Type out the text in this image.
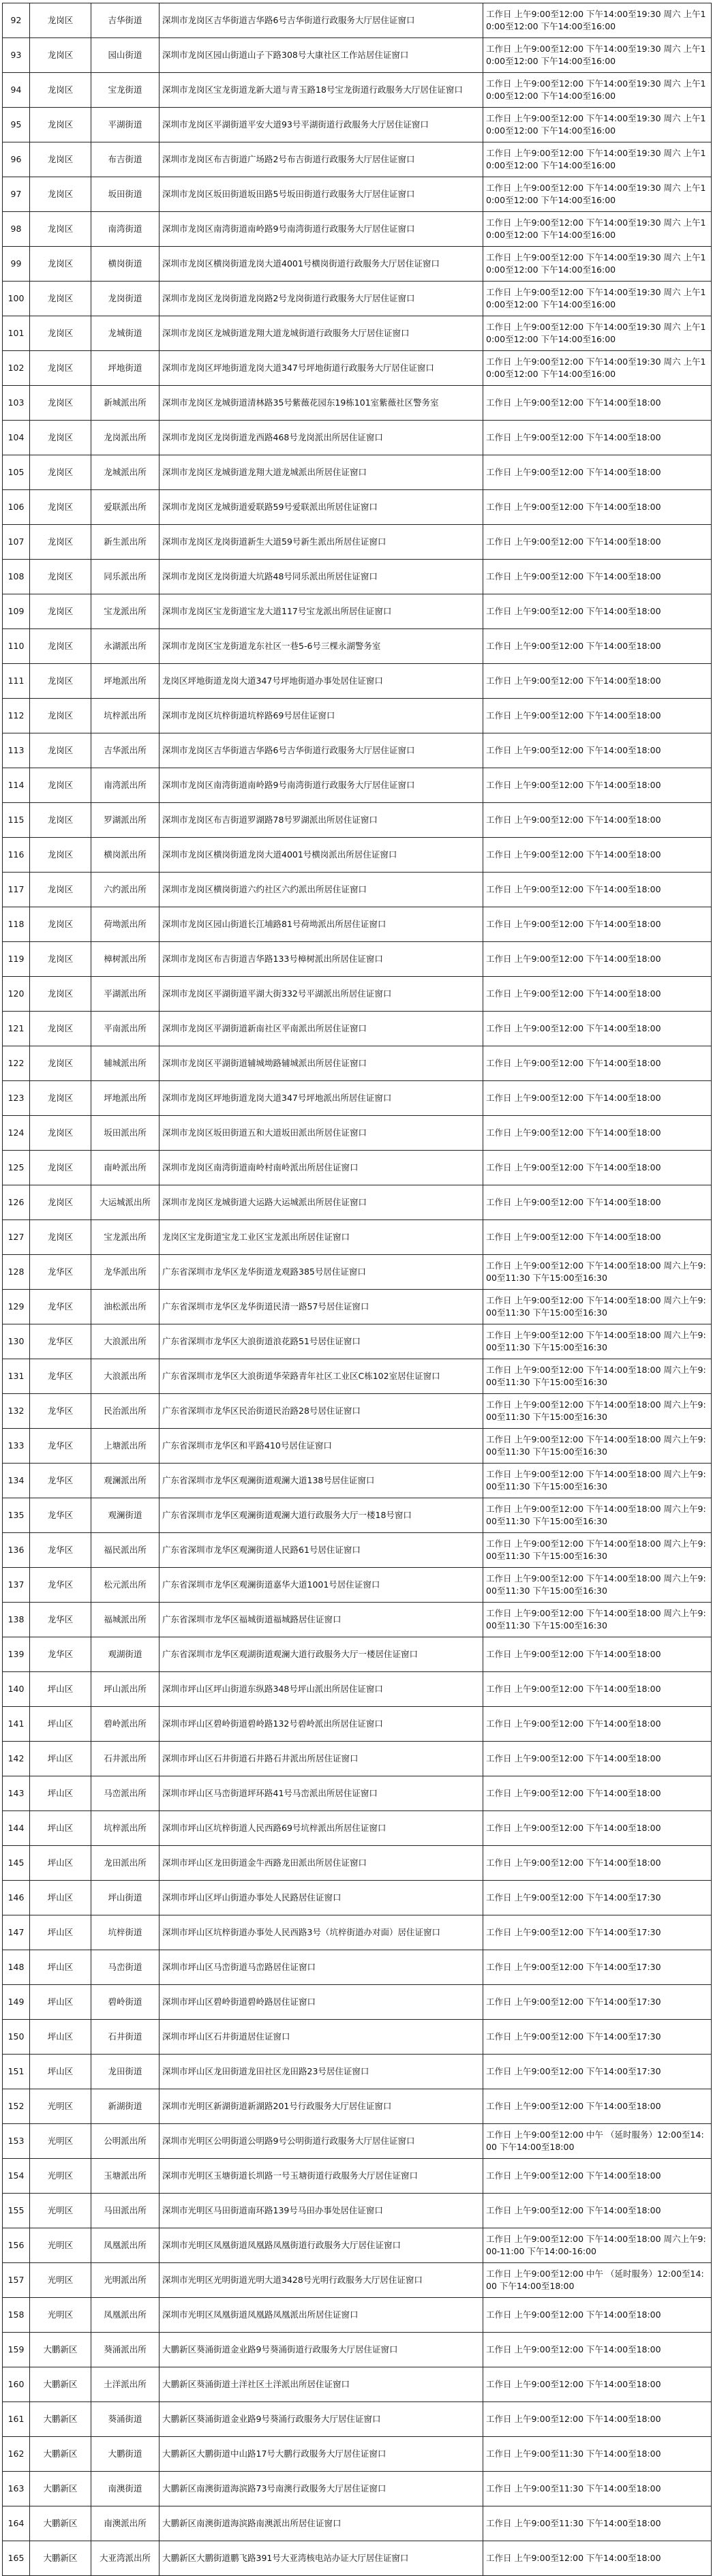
92	龙岗区	吉华街道	深圳市龙岗区吉华街道吉华路6号吉华街道行政服务大厅居住证窗口	工作日 上午9:00至12:00 下午14:00至19:30 周六 上午10:00至12:00 下午14:00至16:00
93	龙岗区	园山街道	深圳市龙岗区园山街道山子下路308号大康社区工作站居住证窗口	工作日 上午9:00至12:00 下午14:00至19:30 周六 上午10:00至12:00 下午14:00至16:00
94	龙岗区	宝龙街道	深圳市龙岗区宝龙街道龙新大道与青玉路18号宝龙街道行政服务大厅居住证窗口	工作日 上午9:00至12:00 下午14:00至19:30 周六 上午10:00至12:00 下午14:00至16:00
95	龙岗区	平湖街道	深圳市龙岗区平湖街道平安大道93号平湖街道行政服务大厅居住证窗口	工作日 上午9:00至12:00 下午14:00至19:30 周六 上午10:00至12:00 下午14:00至16:00
96	龙岗区	布吉街道	深圳市龙岗区布吉街道广场路2号布吉街道行政服务大厅居住证窗口	工作日 上午9:00至12:00 下午14:00至19:30 周六 上午10:00至12:00 下午14:00至16:00
97	龙岗区	坂田街道	深圳市龙岗区坂田街道坂田路5号坂田街道行政服务大厅居住证窗口	工作日 上午9:00至12:00 下午14:00至19:30 周六 上午10:00至12:00 下午14:00至16:00
98	龙岗区	南湾街道	深圳市龙岗区南湾街道南岭路9号南湾街道行政服务大厅居住证窗口	工作日 上午9:00至12:00 下午14:00至19:30 周六 上午10:00至12:00 下午14:00至16:00
99	龙岗区	横岗街道	深圳市龙岗区横岗街道龙岗大道4001号横岗街道行政服务大厅居住证窗口	工作日 上午9:00至12:00 下午14:00至19:30 周六 上午10:00至12:00 下午14:00至16:00
100	龙岗区	龙岗街道	深圳市龙岗区龙岗街道龙岗路2号龙岗街道行政服务大厅居住证窗口	工作日 上午9:00至12:00 下午14:00至19:30 周六 上午10:00至12:00 下午14:00至16:00
101	龙岗区	龙城街道	深圳市龙岗区龙城街道龙翔大道龙城街道行政服务大厅居住证窗口	工作日 上午9:00至12:00 下午14:00至19:30 周六 上午10:00至12:00 下午14:00至16:00
102	龙岗区	坪地街道	深圳市龙岗区坪地街道龙岗大道347号坪地街道行政服务大厅居住证窗口	工作日 上午9:00至12:00 下午14:00至19:30 周六 上午10:00至12:00 下午14:00至16:00
103	龙岗区	新城派出所	深圳市龙岗区龙城街道清林路35号紫薇花园东19栋101室紫薇社区警务室	工作日 上午9:00至12:00 下午14:00至18:00
104	龙岗区	龙岗派出所	深圳市龙岗区龙岗街道龙西路468号龙岗派出所居住证窗口	工作日 上午9:00至12:00 下午14:00至18:00
105	龙岗区	龙城派出所	深圳市龙岗区龙城街道龙翔大道龙城派出所居住证窗口	工作日 上午9:00至12:00 下午14:00至18:00
106	龙岗区	爱联派出所	深圳市龙岗区龙城街道爱联路59号爱联派出所居住证窗口	工作日 上午9:00至12:00 下午14:00至18:00
107	龙岗区	新生派出所	深圳市龙岗区龙岗街道新生大道59号新生派出所居住证窗口	工作日 上午9:00至12:00 下午14:00至18:00
108	龙岗区	同乐派出所	深圳市龙岗区龙岗街道大坑路48号同乐派出所居住证窗口	工作日 上午9:00至12:00 下午14:00至18:00
109	龙岗区	宝龙派出所	深圳市龙岗区宝龙街道宝龙大道117号宝龙派出所居住证窗口	工作日 上午9:00至12:00 下午14:00至18:00
110	龙岗区	永湖派出所	深圳市龙岗区宝龙街道龙东社区一巷5-6号三棵永湖警务室	工作日 上午9:00至12:00 下午14:00至18:00
111	龙岗区	坪地派出所	龙岗区坪地街道龙岗大道347号坪地街道办事处居住证窗口	工作日 上午9:00至12:00 下午14:00至18:00
112	龙岗区	坑梓派出所	深圳市龙岗区坑梓街道坑梓路69号居住证窗口	工作日 上午9:00至12:00 下午14:00至18:00
113	龙岗区	吉华派出所	深圳市龙岗区吉华街道吉华路6号吉华街道行政服务大厅居住证窗口	工作日 上午9:00至12:00 下午14:00至18:00
114	龙岗区	南湾派出所	深圳市龙岗区南湾街道南岭路9号南湾街道行政服务大厅居住证窗口	工作日 上午9:00至12:00 下午14:00至18:00
115	龙岗区	罗湖派出所	深圳市龙岗区布吉街道罗湖路78号罗湖派出所居住证窗口	工作日 上午9:00至12:00 下午14:00至18:00
116	龙岗区	横岗派出所	深圳市龙岗区横岗街道龙岗大道4001号横岗派出所居住证窗口	工作日 上午9:00至12:00 下午14:00至18:00
117	龙岗区	六约派出所	深圳市龙岗区横岗街道六约社区六约派出所居住证窗口	工作日 上午9:00至12:00 下午14:00至18:00
118	龙岗区	荷坳派出所	深圳市龙岗区园山街道长江埔路81号荷坳派出所居住证窗口	工作日 上午9:00至12:00 下午14:00至18:00
119	龙岗区	樟树派出所	深圳市龙岗区布吉街道吉华路133号樟树派出所居住证窗口	工作日 上午9:00至12:00 下午14:00至18:00
120	龙岗区	平湖派出所	深圳市龙岗区平湖街道平湖大街332号平湖派出所居住证窗口	工作日 上午9:00至12:00 下午14:00至18:00
121	龙岗区	平南派出所	深圳市龙岗区平湖街道新南社区平南派出所居住证窗口	工作日 上午9:00至12:00 下午14:00至18:00
122	龙岗区	辅城派出所	深圳市龙岗区平湖街道辅城坳路辅城派出所居住证窗口	工作日 上午9:00至12:00 下午14:00至18:00
123	龙岗区	坪地派出所	深圳市龙岗区坪地街道龙岗大道347号坪地派出所居住证窗口	工作日 上午9:00至12:00 下午14:00至18:00
124	龙岗区	坂田派出所	深圳市龙岗区坂田街道五和大道坂田派出所居住证窗口	工作日 上午9:00至12:00 下午14:00至18:00
125	龙岗区	南岭派出所	深圳市龙岗区南湾街道南岭村南岭派出所居住证窗口	工作日 上午9:00至12:00 下午14:00至18:00
126	龙岗区	大运城派出所	深圳市龙岗区龙城街道大运路大运城派出所居住证窗口	工作日 上午9:00至12:00 下午14:00至18:00
127	龙岗区	宝龙派出所	龙岗区宝龙街道宝龙工业区宝龙派出所居住证窗口	工作日 上午9:00至12:00 下午14:00至18:00
128	龙华区	龙华派出所	广东省深圳市龙华区龙华街道龙观路385号居住证窗口	工作日 上午9:00至12:00 下午14:00至18:00 周六上午9:00至11:30 下午15:00至16:30
129	龙华区	油松派出所	广东省深圳市龙华区龙华街道民清一路57号居住证窗口	工作日 上午9:00至12:00 下午14:00至18:00 周六上午9:00至11:30 下午15:00至16:30
130	龙华区	大浪派出所	广东省深圳市龙华区大浪街道浪花路51号居住证窗口	工作日 上午9:00至12:00 下午14:00至18:00 周六上午9:00至11:30 下午15:00至16:30
131	龙华区	大浪派出所	广东省深圳市龙华区大浪街道华荣路青年社区工业区C栋102室居住证窗口	工作日 上午9:00至12:00 下午14:00至18:00 周六上午9:00至11:30 下午15:00至16:30
132	龙华区	民治派出所	广东省深圳市龙华区民治街道民治路28号居住证窗口	工作日 上午9:00至12:00 下午14:00至18:00 周六上午9:00至11:30 下午15:00至16:30
133	龙华区	上塘派出所	广东省深圳市龙华区和平路410号居住证窗口	工作日 上午9:00至12:00 下午14:00至18:00 周六上午9:00至11:30 下午15:00至16:30
134	龙华区	观澜派出所	广东省深圳市龙华区观澜街道观澜大道138号居住证窗口	工作日 上午9:00至12:00 下午14:00至18:00 周六上午9:00至11:30 下午15:00至16:30
135	龙华区	观澜街道	广东省深圳市龙华区观澜街道观澜大道行政服务大厅一楼18号窗口	工作日 上午9:00至12:00 下午14:00至18:00 周六上午9:00至11:30 下午15:00至16:30
136	龙华区	福民派出所	广东省深圳市龙华区观澜街道人民路61号居住证窗口	工作日 上午9:00至12:00 下午14:00至18:00 周六上午9:00至11:30 下午15:00至16:30
137	龙华区	松元派出所	广东省深圳市龙华区观澜街道嘉华大道1001号居住证窗口	工作日 上午9:00至12:00 下午14:00至18:00 周六上午9:00至11:30 下午15:00至16:30
138	龙华区	福城派出所	广东省深圳市龙华区福城街道福城路居住证窗口	工作日 上午9:00至12:00 下午14:00至18:00 周六上午9:00至11:30 下午15:00至16:30
139	龙华区	观湖街道	广东省深圳市龙华区观湖街道观澜大道行政服务大厅一楼居住证窗口	工作日 上午9:00至12:00 下午14:00至18:00
140	坪山区	坪山派出所	深圳市坪山区坪山街道东纵路348号坪山派出所居住证窗口	工作日 上午9:00至12:00 下午14:00至18:00
141	坪山区	碧岭派出所	深圳市坪山区碧岭街道碧岭路132号碧岭派出所居住证窗口	工作日 上午9:00至12:00 下午14:00至18:00
142	坪山区	石井派出所	深圳市坪山区石井街道石井路石井派出所居住证窗口	工作日 上午9:00至12:00 下午14:00至18:00
143	坪山区	马峦派出所	深圳市坪山区马峦街道坪环路41号马峦派出所居住证窗口	工作日 上午9:00至12:00 下午14:00至18:00
144	坪山区	坑梓派出所	深圳市坪山区坑梓街道人民西路69号坑梓派出所居住证窗口	工作日 上午9:00至12:00 下午14:00至18:00
145	坪山区	龙田派出所	深圳市坪山区龙田街道金牛西路龙田派出所居住证窗口	工作日 上午9:00至12:00 下午14:00至18:00
146	坪山区	坪山街道	深圳市坪山区坪山街道办事处人民路居住证窗口	工作日 上午9:00至12:00 下午14:00至17:30
147	坪山区	坑梓街道	深圳市坪山区坑梓街道办事处人民西路3号（坑梓街道办对面）居住证窗口	工作日 上午9:00至12:00 下午14:00至17:30
148	坪山区	马峦街道	深圳市坪山区马峦街道马峦路居住证窗口	工作日 上午9:00至12:00 下午14:00至17:30
149	坪山区	碧岭街道	深圳市坪山区碧岭街道碧岭路居住证窗口	工作日 上午9:00至12:00 下午14:00至17:30
150	坪山区	石井街道	深圳市坪山区石井街道居住证窗口	工作日 上午9:00至12:00 下午14:00至17:30
151	坪山区	龙田街道	深圳市坪山区龙田街道龙田社区龙田路23号居住证窗口	工作日 上午9:00至12:00 下午14:00至17:30
152	光明区	新湖街道	深圳市光明区新湖街道新湖路201号行政服务大厅居住证窗口	工作日 上午9:00至12:00 下午14:00至18:00
153	光明区	公明派出所	深圳市光明区公明街道公明路9号公明街道行政服务大厅居住证窗口	工作日 上午9:00至12:00 中午 （延时服务）12:00至14:00 下午14:00至18:00
154	光明区	玉塘派出所	深圳市光明区玉塘街道长圳路一号玉塘街道行政服务大厅居住证窗口	工作日 上午9:00至12:00 下午14:00至18:00
155	光明区	马田派出所	深圳市光明区马田街道南环路139号马田办事处居住证窗口	工作日 上午9:00至12:00 下午14:00至18:00
156	光明区	凤凰派出所	深圳市光明区凤凰街道凤凰路凤凰街道行政服务大厅居住证窗口	工作日 上午9:00至12:00 下午14:00至18:00 周六上午9:00-11:00 下午14:00-16:00
157	光明区	光明派出所	深圳市光明区光明街道光明大道3428号光明行政服务大厅居住证窗口	工作日 上午9:00至12:00 中午 （延时服务）12:00至14:00 下午14:00至18:00
158	光明区	凤凰派出所	深圳市光明区凤凰街道凤凰路凤凰派出所居住证窗口	工作日 上午9:00至12:00 下午14:00至18:00
159	大鹏新区	葵涌派出所	大鹏新区葵涌街道金业路9号葵涌街道行政服务大厅居住证窗口	工作日 上午9:00至12:00 下午14:00至18:00
160	大鹏新区	土洋派出所	大鹏新区葵涌街道土洋社区土洋派出所居住证窗口	工作日 上午9:00至12:00 下午14:00至18:00
161	大鹏新区	葵涌街道	大鹏新区葵涌街道金业路9号葵涌行政服务大厅居住证窗口	工作日 上午9:00至12:00 下午14:00至18:00
162	大鹏新区	大鹏街道	大鹏新区大鹏街道中山路17号大鹏行政服务大厅居住证窗口	工作日 上午9:00至11:30 下午14:00至18:00
163	大鹏新区	南澳街道	大鹏新区南澳街道海滨路73号南澳行政服务大厅居住证窗口	工作日 上午9:00至11:30 下午14:00至18:00
164	大鹏新区	南澳派出所	大鹏新区南澳街道海滨路南澳派出所居住证窗口	工作日 上午9:00至11:30 下午14:00至18:00
165	大鹏新区	大亚湾派出所	大鹏新区大鹏街道鹏飞路391号大亚湾核电站办证大厅居住证窗口	工作日 上午9:00至12:00 下午14:00至18:00
